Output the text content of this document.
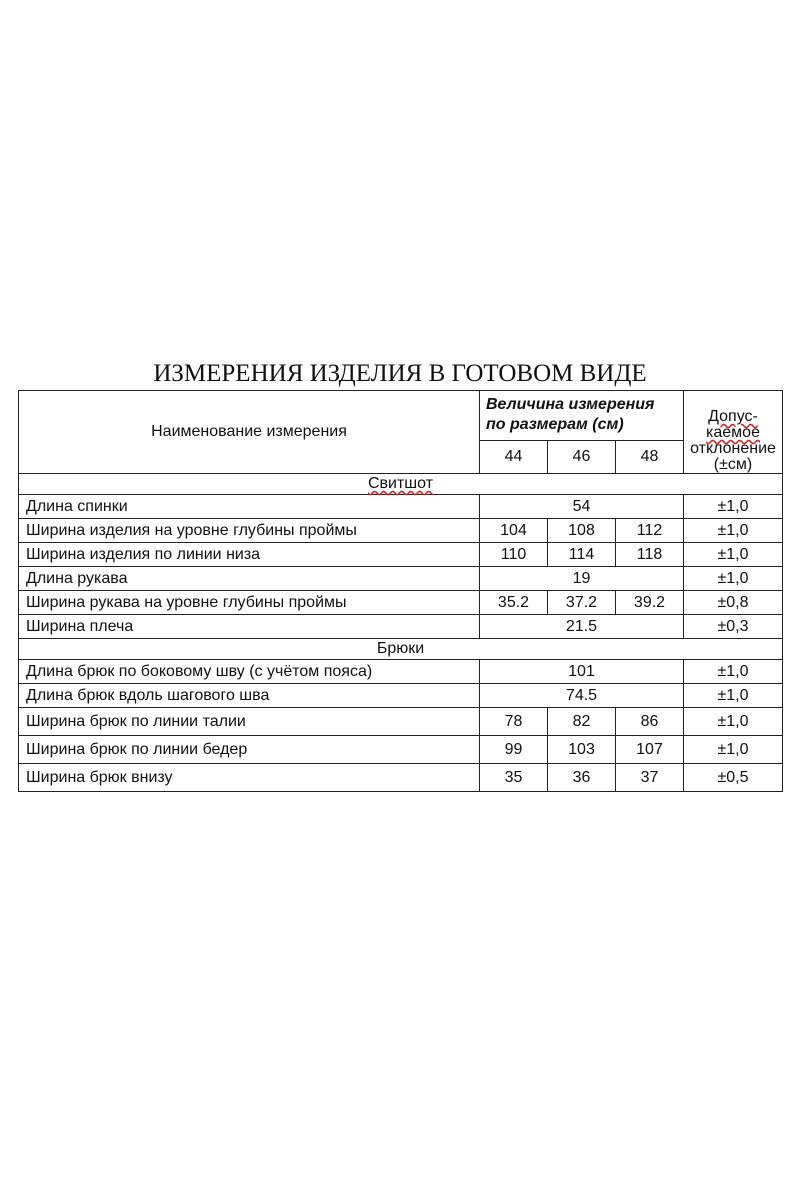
ИЗМЕРЕНИЯ ИЗДЕЛИЯ В ГОТОВОМ ВИДЕ
Наименование измерения	Величина измерения по размерам (см)			Допус-
каемое
отклонение
(±см)
	44	46	48	
Свитшот				
Длина спинки	54			±1,0
Ширина изделия на уровне глубины проймы	104	108	112	±1,0
Ширина изделия по линии низа	110	114	118	±1,0
Длина рукава	19			±1,0
Ширина рукава на уровне глубины проймы	35.2	37.2	39.2	±0,8
Ширина плеча	21.5			±0,3
Брюки				
Длина брюк по боковому шву (с учётом пояса)	101			±1,0
Длина брюк вдоль шагового шва	74.5			±1,0
Ширина брюк по линии талии	78	82	86	±1,0
Ширина брюк по линии бедер	99	103	107	±1,0
Ширина брюк внизу	35	36	37	±0,5
